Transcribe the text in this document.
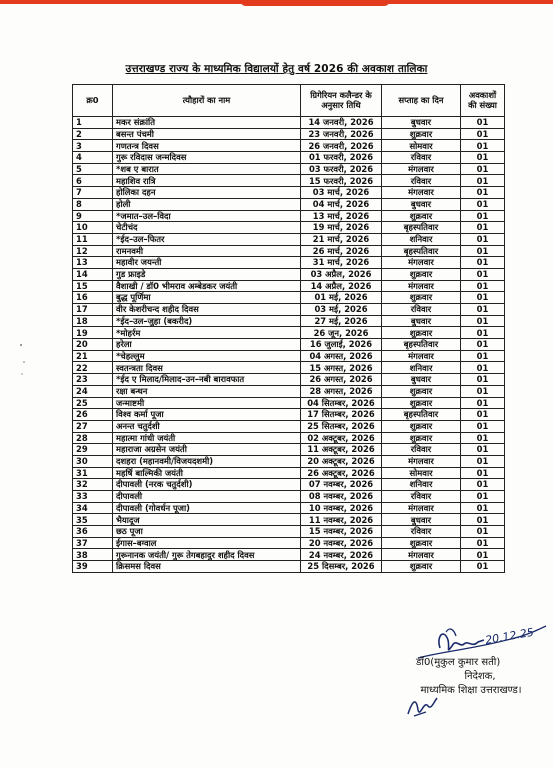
उत्तराखण्ड राज्य के माध्यमिक विद्यालयों हेतु वर्ष 2026 की अवकाश तालिका
क्र0	त्यौहारों का नाम	ग्रिगेरियन कलैन्डर के अनुसार तिथि	सप्ताह का दिन	अवकाशों की संख्या
1	मकर संक्रांति	14 जनवरी, 2026	बुधवार	01
2	बसन्त पंचमी	23 जनवरी, 2026	शुक्रवार	01
3	गणतन्त्र दिवस	26 जनवरी, 2026	सोमवार	01
4	गुरू रविदास जन्मदिवस	01 फरवरी, 2026	रविवार	01
5	*शब ए बारात	03 फरवरी, 2026	मंगलवार	01
6	महाशिव रात्रि	15 फरवरी, 2026	रविवार	01
7	होलिका दहन	03 मार्च, 2026	मंगलवार	01
8	होली	04 मार्च, 2026	बुधवार	01
9	*जमात–उल–विदा	13 मार्च, 2026	शुक्रवार	01
10	चेटीचंद	19 मार्च, 2026	बृहस्पतिवार	01
11	*ईद–उल–फितर	21 मार्च, 2026	शनिवार	01
12	रामनवमी	26 मार्च, 2026	बृहस्पतिवार	01
13	महावीर जयन्ती	31 मार्च, 2026	मंगलवार	01
14	गुड फ्राइडे	03 अप्रैल, 2026	शुक्रवार	01
15	वैशाखी / डॉ0 भीमराव अम्बेडकर जयंती	14 अप्रैल, 2026	मंगलवार	01
16	बुद्ध पूर्णिमा	01 मई, 2026	शुक्रवार	01
17	वीर केशरीचन्द शहीद दिवस	03 मई, 2026	रविवार	01
18	*ईद–उल–जुहा (बकरीद)	27 मई, 2026	बुधवार	01
19	*मोहर्रम	26 जून, 2026	शुक्रवार	01
20	हरेला	16 जुलाई, 2026	बृहस्पतिवार	01
21	*चेहल्लुम	04 अगस्त, 2026	मंगलवार	01
22	स्वतन्त्रता दिवस	15 अगस्त, 2026	शनिवार	01
23	*ईद ए मिलाद/मिलाद–उन–नबी बारावफात	26 अगस्त, 2026	बुधवार	01
24	रक्षा बन्धन	28 अगस्त, 2026	शुक्रवार	01
25	जन्माष्टमी	04 सितम्बर, 2026	शुक्रवार	01
26	विश्व कर्मा पूजा	17 सितम्बर, 2026	बृहस्पतिवार	01
27	अनन्त चतुर्दशी	25 सितम्बर, 2026	शुक्रवार	01
28	महात्मा गांधी जयंती	02 अक्टूबर, 2026	शुक्रवार	01
29	महाराजा अग्रसेन जयंती	11 अक्टूबर, 2026	रविवार	01
30	दशहरा (महानवमी/विजयदशमी)	20 अक्टूबर, 2026	मंगलवार	01
31	महर्षि बाल्मिकी जयंती	26 अक्टूबर, 2026	सोमवार	01
32	दीपावली (नरक चतुर्दशी)	07 नवम्बर, 2026	शनिवार	01
33	दीपावली	08 नवम्बर, 2026	रविवार	01
34	दीपावली (गोवर्धन पूजा)	10 नवम्बर, 2026	मंगलवार	01
35	भैयादूज	11 नवम्बर, 2026	बुधवार	01
36	छठ पूजा	15 नवम्बर, 2026	रविवार	01
37	ईगास–बग्वाल	20 नवम्बर, 2026	शुक्रवार	01
38	गुरूनानक जयंती/ गुरू तेगबहादुर शहीद दिवस	24 नवम्बर, 2026	मंगलवार	01
39	क्रिसमस दिवस	25 दिसम्बर, 2026	शुक्रवार	01
20.12.25
डॉ0(मुकुल कुमार सती)
निदेशक,
माध्यमिक शिक्षा उत्तराखण्ड।
